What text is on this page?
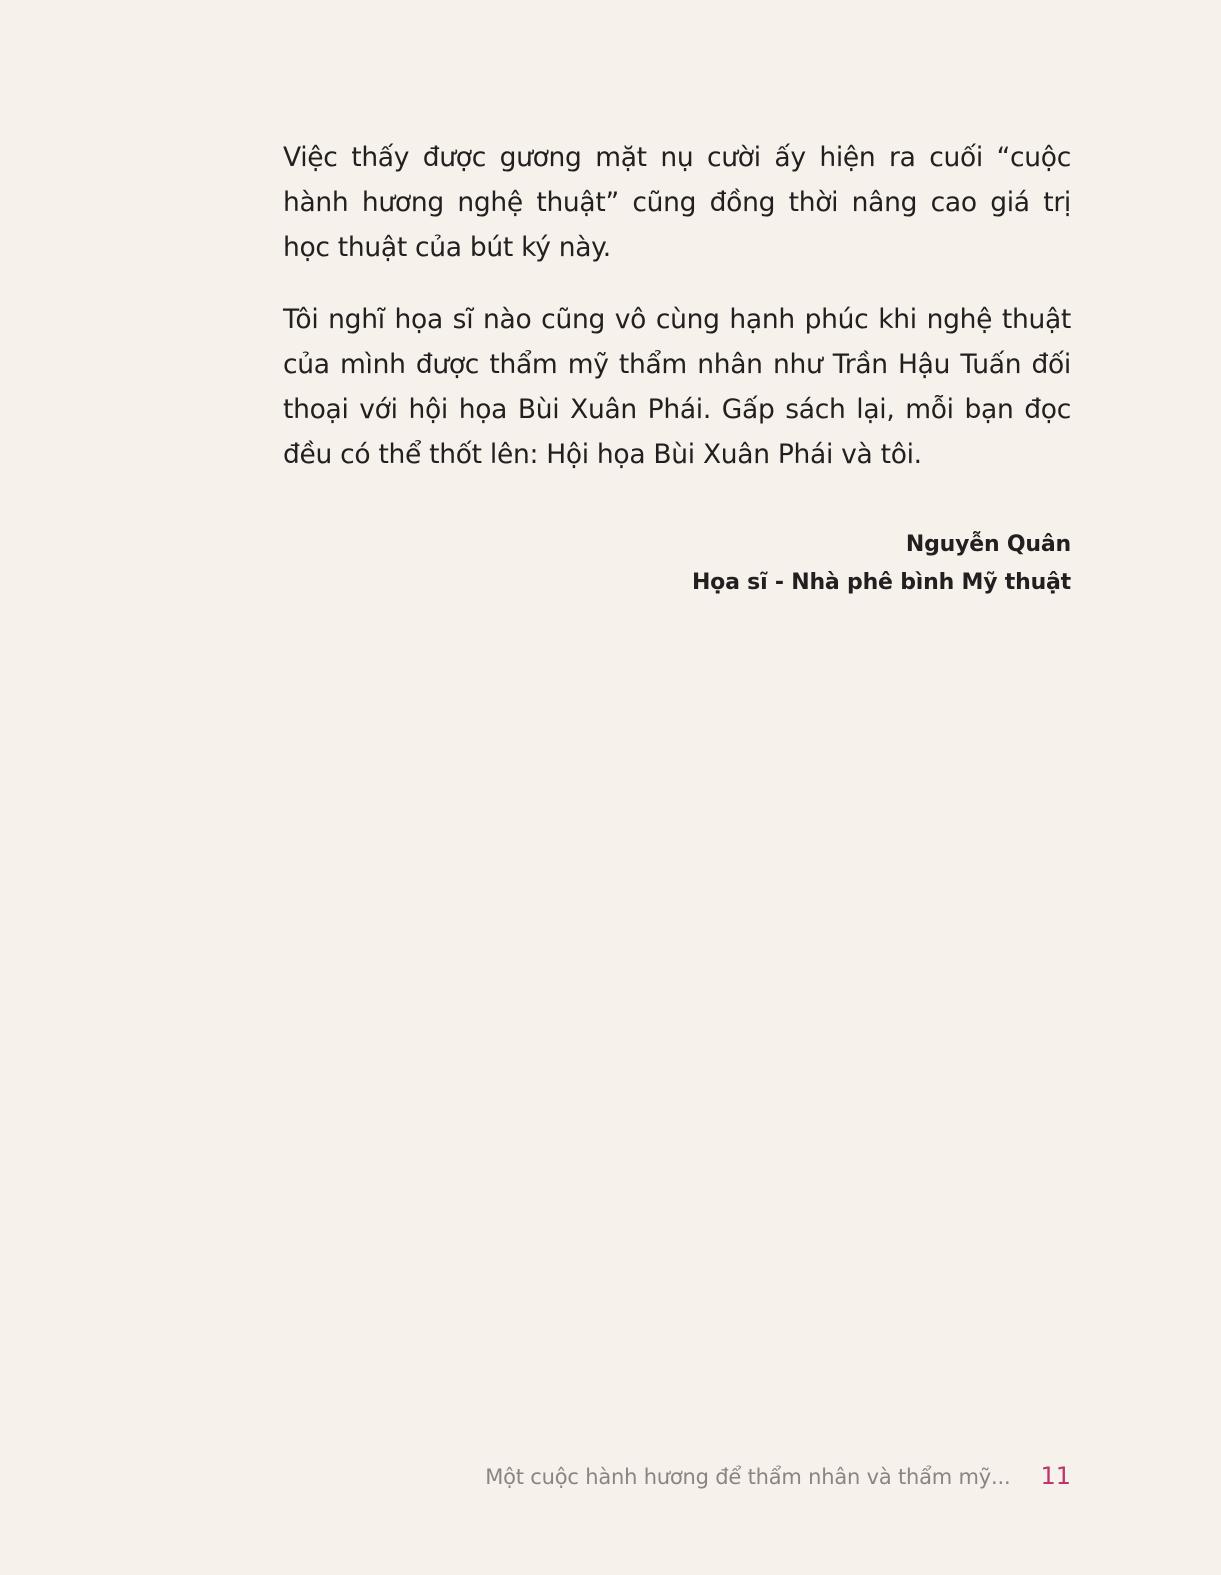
Việc thấy được gương mặt nụ cười ấy hiện ra cuối “cuộc hành hương nghệ thuật” cũng đồng thời nâng cao giá trị học thuật của bút ký này.

Tôi nghĩ họa sĩ nào cũng vô cùng hạnh phúc khi nghệ thuật của mình được thẩm mỹ thẩm nhân như Trần Hậu Tuấn đối thoại với hội họa Bùi Xuân Phái. Gấp sách lại, mỗi bạn đọc đều có thể thốt lên: Hội họa Bùi Xuân Phái và tôi.

Nguyễn Quân
Họa sĩ - Nhà phê bình Mỹ thuật
Một cuộc hành hương để thẩm nhân và thẩm mỹ... 11
